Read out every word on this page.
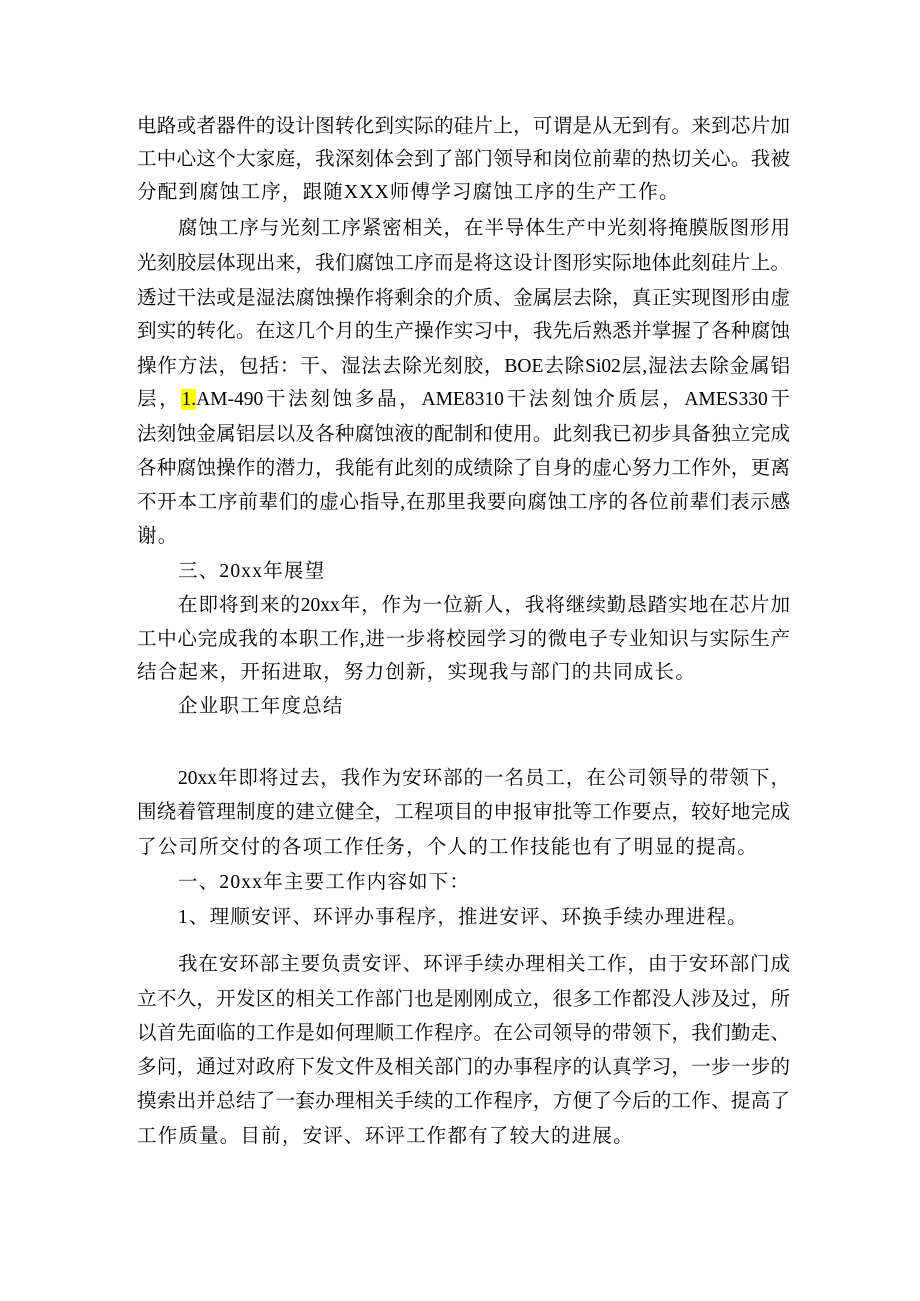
电路或者器件的设计图转化到实际的硅片上，可谓是从无到有。来到芯片加
工中心这个大家庭，我深刻体会到了部门领导和岗位前辈的热切关心。我被
分配到腐蚀工序，跟随XXX师傅学习腐蚀工序的生产工作。
腐蚀工序与光刻工序紧密相关，在半导体生产中光刻将掩膜版图形用
光刻胶层体现出来，我们腐蚀工序而是将这设计图形实际地体此刻硅片上。
透过干法或是湿法腐蚀操作将剩余的介质、金属层去除，真正实现图形由虚
到实的转化。在这几个月的生产操作实习中，我先后熟悉并掌握了各种腐蚀
操作方法，包括：干、湿法去除光刻胶，BOE去除Si02层,湿法去除金属铝
层，1.AM-490干法刻蚀多晶，AME8310干法刻蚀介质层，AMES330干
法刻蚀金属铝层以及各种腐蚀液的配制和使用。此刻我已初步具备独立完成
各种腐蚀操作的潜力，我能有此刻的成绩除了自身的虚心努力工作外，更离
不开本工序前辈们的虚心指导,在那里我要向腐蚀工序的各位前辈们表示感
谢。
三、20xx年展望
在即将到来的20xx年，作为一位新人，我将继续勤恳踏实地在芯片加
工中心完成我的本职工作,进一步将校园学习的微电子专业知识与实际生产
结合起来，开拓进取，努力创新，实现我与部门的共同成长。
企业职工年度总结
20xx年即将过去，我作为安环部的一名员工，在公司领导的带领下，
围绕着管理制度的建立健全，工程项目的申报审批等工作要点，较好地完成
了公司所交付的各项工作任务，个人的工作技能也有了明显的提高。
一、20xx年主要工作内容如下：
1、理顺安评、环评办事程序，推进安评、环换手续办理进程。
我在安环部主要负责安评、环评手续办理相关工作，由于安环部门成
立不久，开发区的相关工作部门也是刚刚成立，很多工作都没人涉及过，所
以首先面临的工作是如何理顺工作程序。在公司领导的带领下，我们勤走、
多问，通过对政府下发文件及相关部门的办事程序的认真学习，一步一步的
摸索出并总结了一套办理相关手续的工作程序，方便了今后的工作、提高了
工作质量。目前，安评、环评工作都有了较大的进展。
